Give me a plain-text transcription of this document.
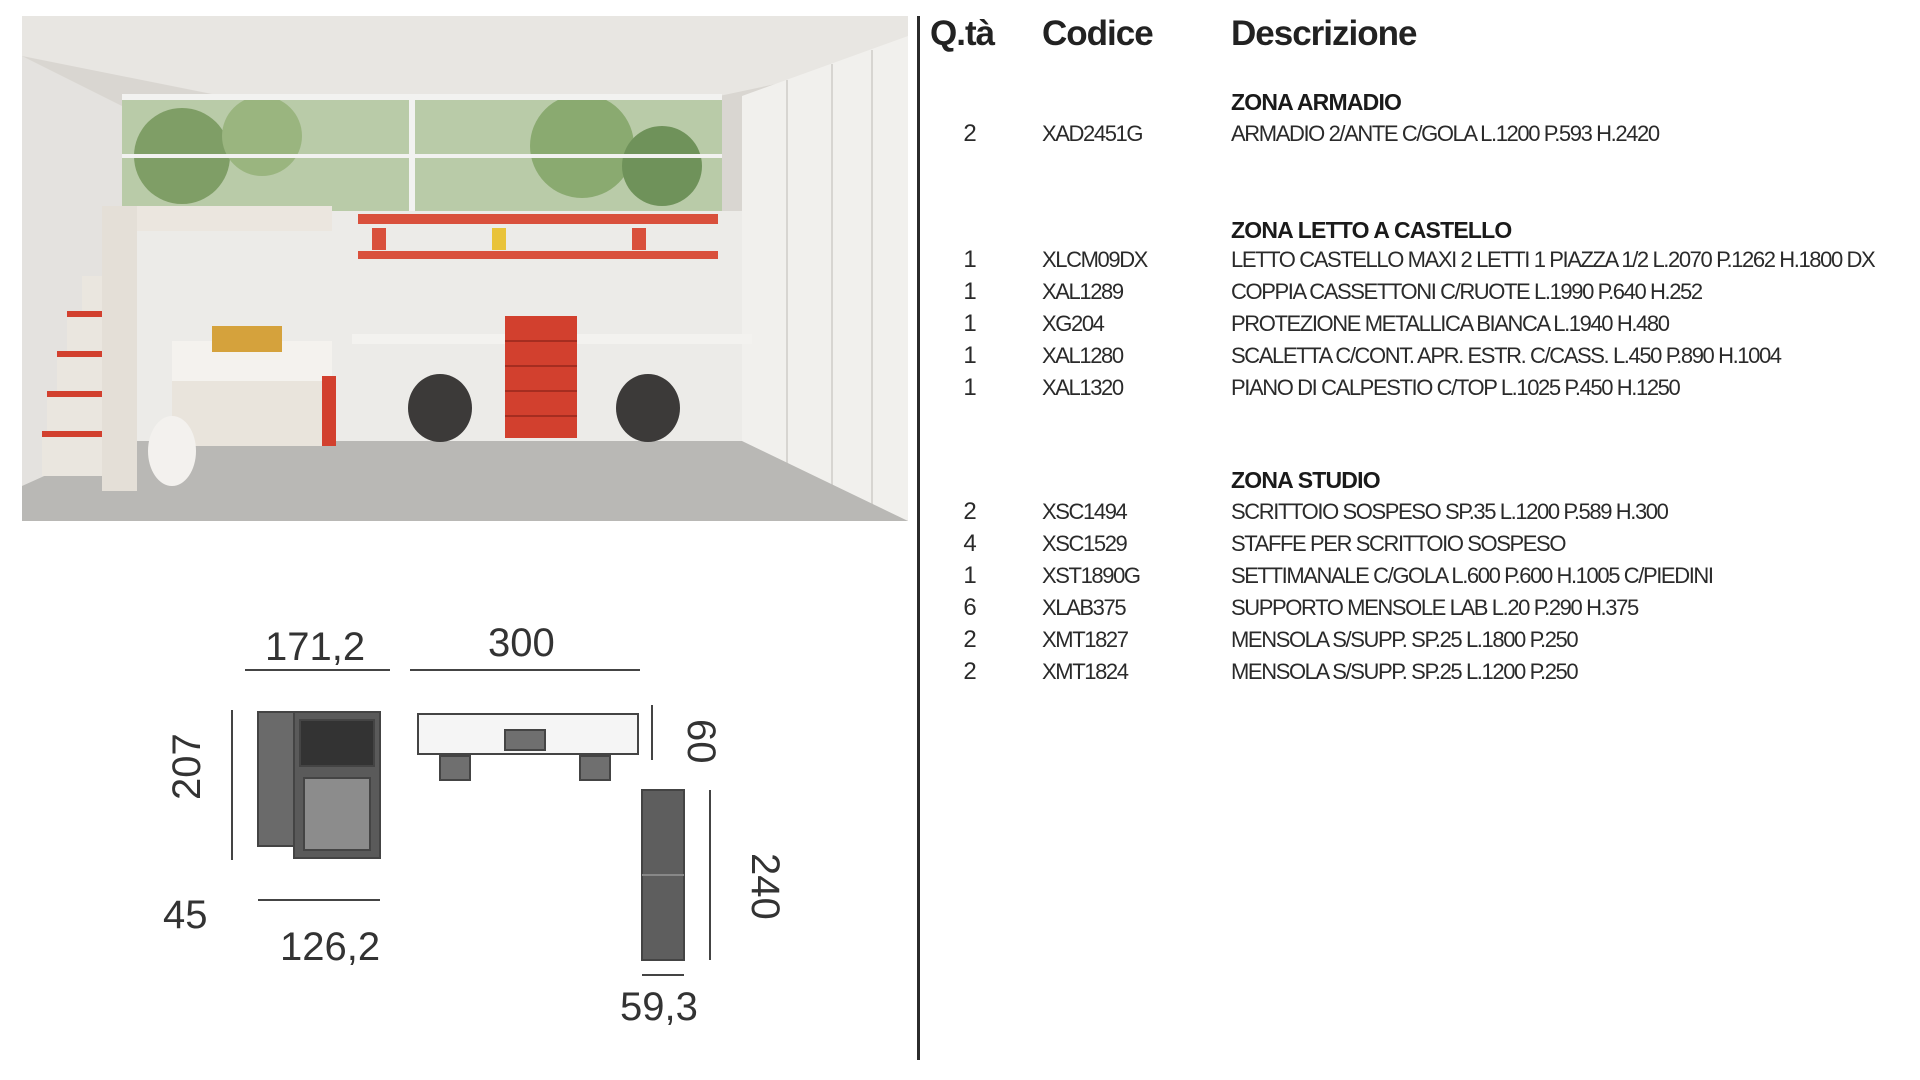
171,2	300
60
207
45
126,2
240
59,3
Q.tà Codice Descrizione
ZONA ARMADIO
2	XAD2451G	ARMADIO 2/ANTE C/GOLA L.1200 P.593 H.2420
ZONA LETTO A CASTELLO
1	XLCM09DX	LETTO CASTELLO MAXI 2 LETTI 1 PIAZZA 1/2 L.2070 P.1262 H.1800 DX
1	XAL1289	COPPIA CASSETTONI C/RUOTE L.1990 P.640 H.252
1	XG204	PROTEZIONE METALLICA BIANCA L.1940 H.480
1	XAL1280	SCALETTA C/CONT. APR. ESTR. C/CASS. L.450 P.890 H.1004
1	XAL1320	PIANO DI CALPESTIO C/TOP L.1025 P.450 H.1250
ZONA STUDIO
2	XSC1494	SCRITTOIO SOSPESO SP.35 L.1200 P.589 H.300
4	XSC1529	STAFFE PER SCRITTOIO SOSPESO
1	XST1890G	SETTIMANALE C/GOLA L.600 P.600 H.1005 C/PIEDINI
6	XLAB375	SUPPORTO MENSOLE LAB L.20 P.290 H.375
2	XMT1827	MENSOLA S/SUPP. SP.25 L.1800 P.250
2	XMT1824	MENSOLA S/SUPP. SP.25 L.1200 P.250
